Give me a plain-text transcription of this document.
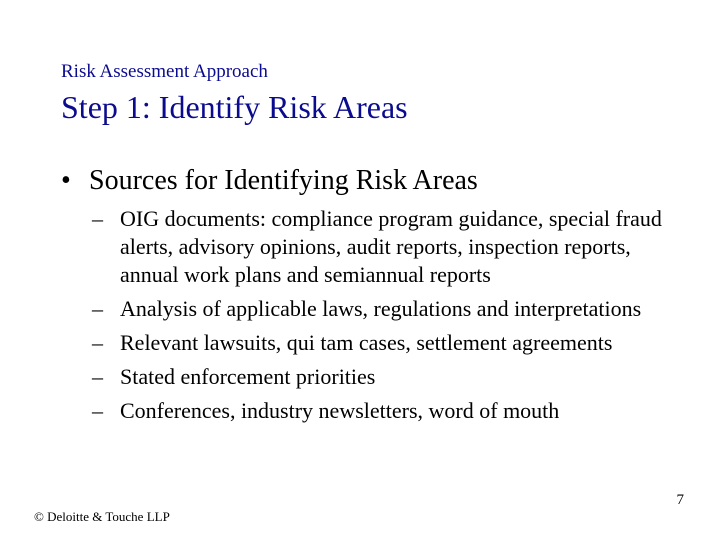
Risk Assessment Approach
Step 1: Identify Risk Areas
• Sources for Identifying Risk Areas
– OIG documents: compliance program guidance, special fraud alerts, advisory opinions, audit reports, inspection reports, annual work plans and semiannual reports
– Analysis of applicable laws, regulations and interpretations
– Relevant lawsuits, qui tam cases, settlement agreements
– Stated enforcement priorities
– Conferences, industry newsletters, word of mouth
7
© Deloitte & Touche LLP
